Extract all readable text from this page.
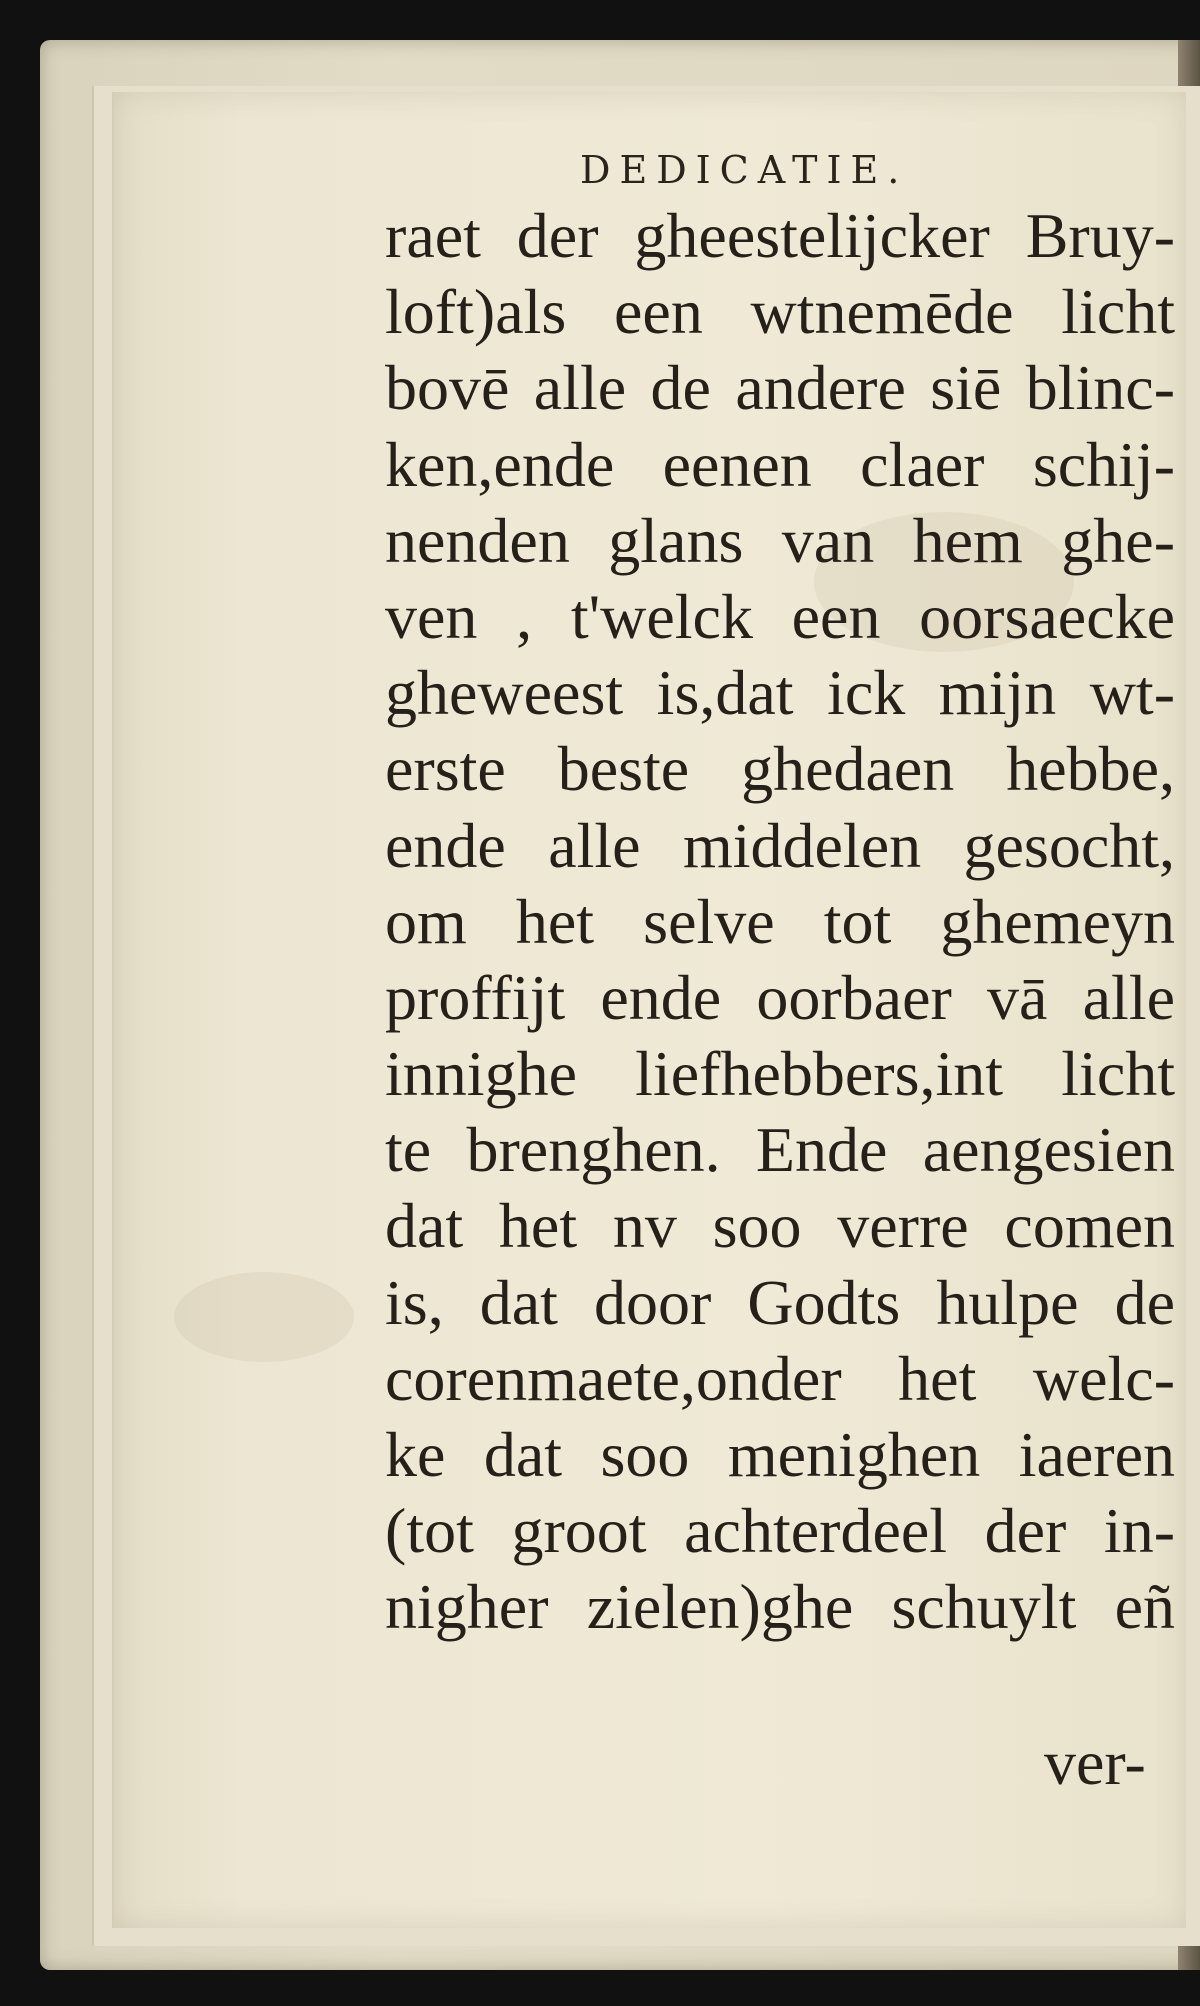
DEDICATIE.
raet der gheestelijcker Bruy-
loft)als een wtnemēde licht
bovē alle de andere siē blinc-
ken,ende eenen claer schij-
nenden glans van hem ghe-
ven , t'welck een oorsaecke
gheweest is,dat ick mijn wt-
erste beste ghedaen hebbe,
ende alle middelen gesocht,
om het selve tot ghemeyn
proffijt ende oorbaer vā alle
innighe liefhebbers,int licht
te brenghen. Ende aengesien
dat het nv soo verre comen
is, dat door Godts hulpe de
corenmaete,onder het welc-
ke dat soo menighen iaeren
(tot groot achterdeel der in-
nigher zielen)ghe schuylt eñ
ver-
